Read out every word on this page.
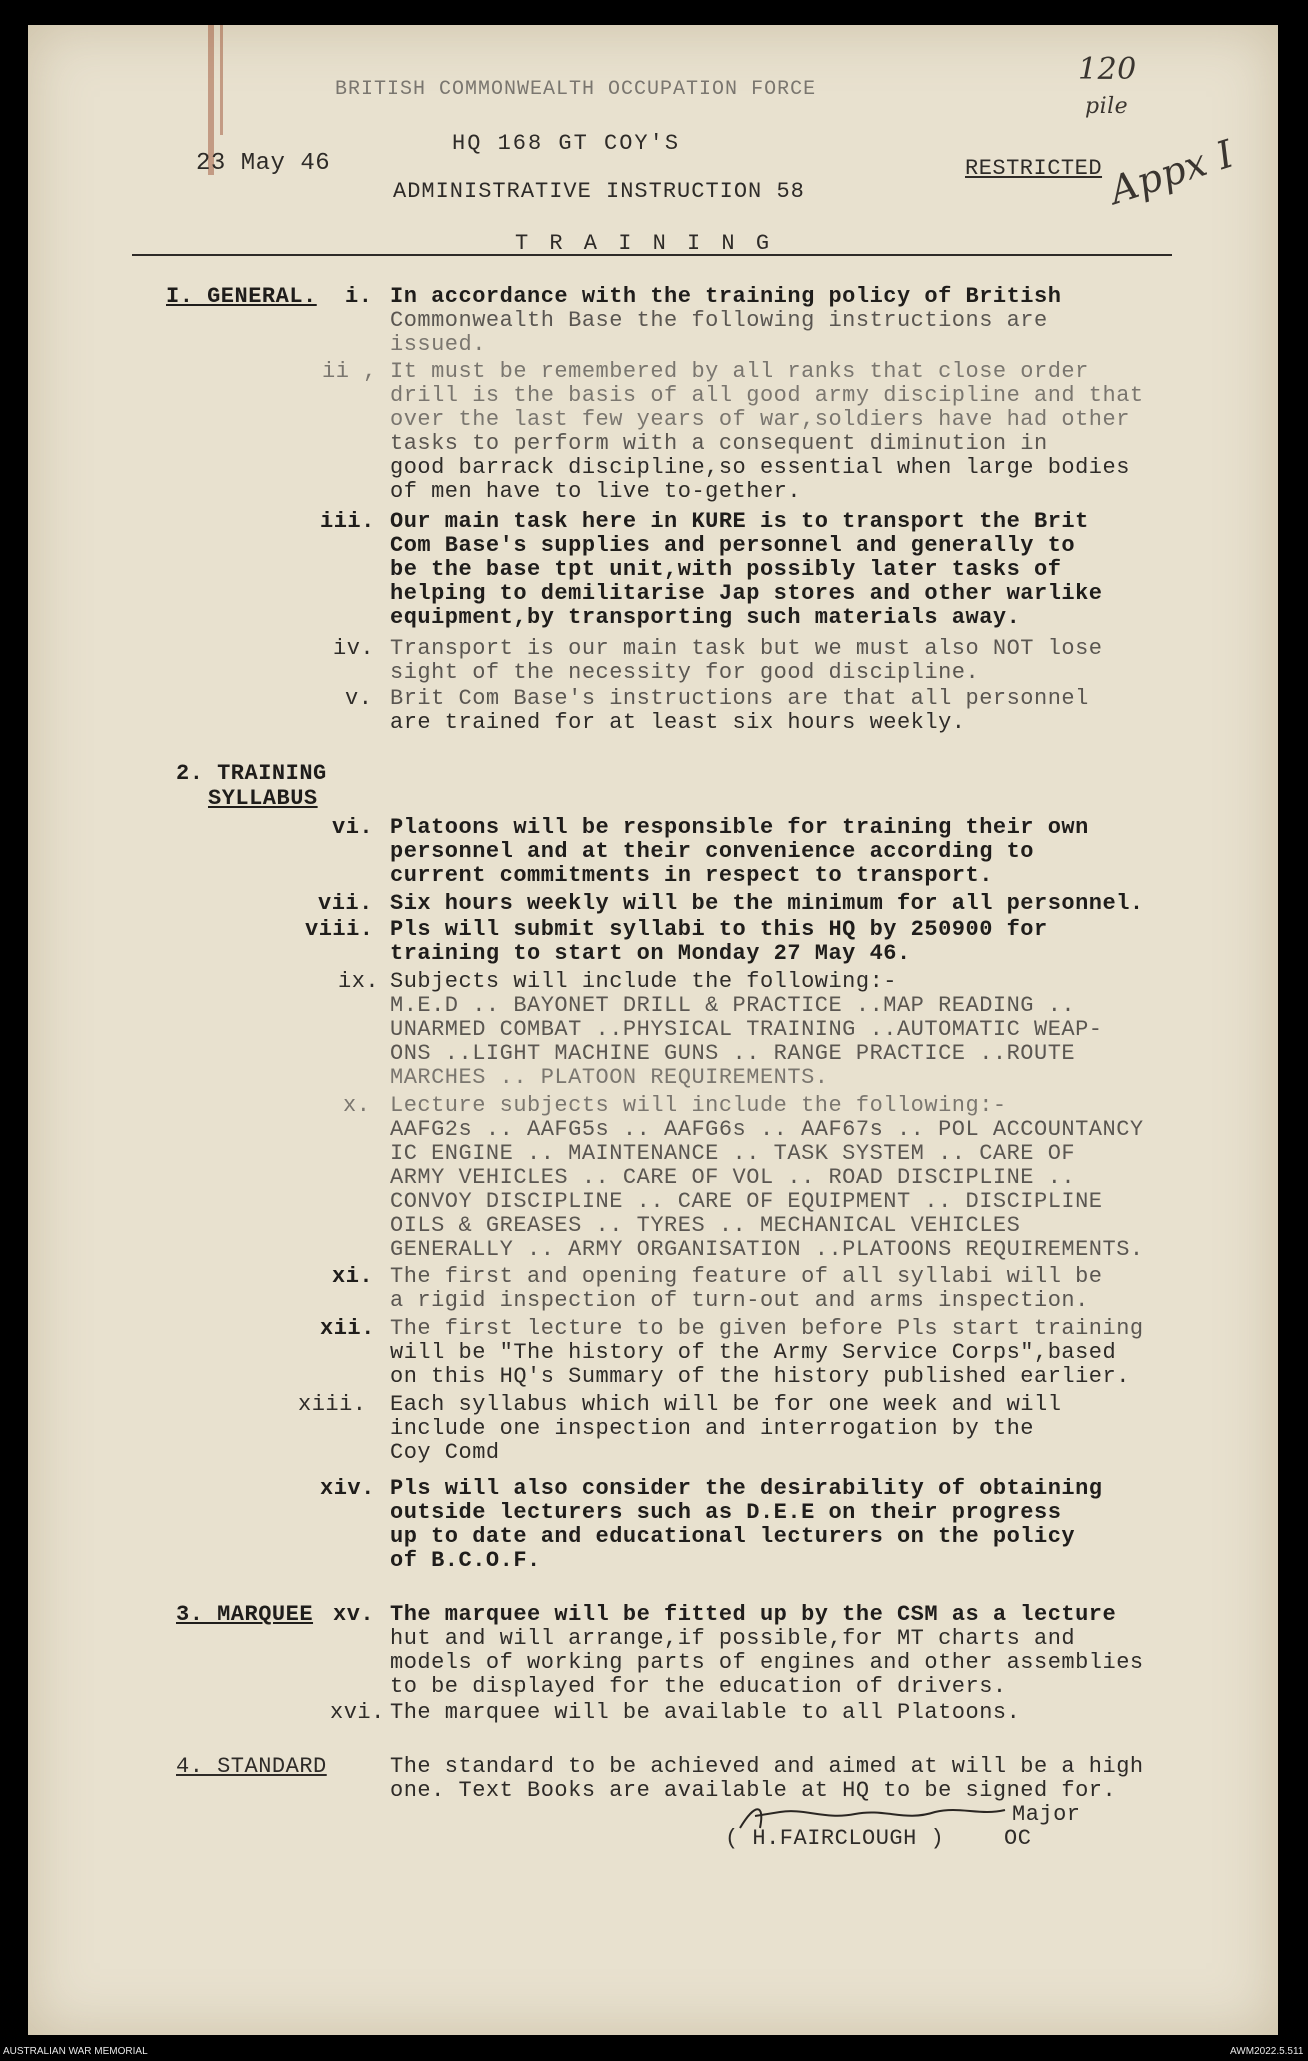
BRITISH COMMONWEALTH OCCUPATION FORCE
120
pile
HQ 168 GT COY'S
23 May 46	RESTRICTED Appx I
ADMINISTRATIVE INSTRUCTION 58
T R A I N I N G
I. GENERAL. i. In accordance with the training policy of British
Commonwealth Base the following instructions are
issued.
ii , It must be remembered by all ranks that close order
drill is the basis of all good army discipline and that
over the last few years of war,soldiers have had other
tasks to perform with a consequent diminution in
good barrack discipline,so essential when large bodies
of men have to live to-gether.
iii. Our main task here in KURE is to transport the Brit
Com Base's supplies and personnel and generally to
be the base tpt unit,with possibly later tasks of
helping to demilitarise Jap stores and other warlike
equipment,by transporting such materials away.
iv. Transport is our main task but we must also NOT lose
sight of the necessity for good discipline.
v. Brit Com Base's instructions are that all personnel
are trained for at least six hours weekly.
2. TRAINING
SYLLABUS
vi. Platoons will be responsible for training their own
personnel and at their convenience according to
current commitments in respect to transport.
vii. Six hours weekly will be the minimum for all personnel.
viii. Pls will submit syllabi to this HQ by 250900 for
training to start on Monday 27 May 46.
ix. Subjects will include the following:-
M.E.D .. BAYONET DRILL & PRACTICE ..MAP READING ..
UNARMED COMBAT ..PHYSICAL TRAINING ..AUTOMATIC WEAP-
ONS ..LIGHT MACHINE GUNS .. RANGE PRACTICE ..ROUTE
MARCHES .. PLATOON REQUIREMENTS.
x. Lecture subjects will include the following:-
AAFG2s .. AAFG5s .. AAFG6s .. AAF67s .. POL ACCOUNTANCY
IC ENGINE .. MAINTENANCE .. TASK SYSTEM .. CARE OF
ARMY VEHICLES .. CARE OF VOL .. ROAD DISCIPLINE ..
CONVOY DISCIPLINE .. CARE OF EQUIPMENT .. DISCIPLINE
OILS & GREASES .. TYRES .. MECHANICAL VEHICLES
GENERALLY .. ARMY ORGANISATION ..PLATOONS REQUIREMENTS.
xi. The first and opening feature of all syllabi will be
a rigid inspection of turn-out and arms inspection.
xii. The first lecture to be given before Pls start training
will be "The history of the Army Service Corps",based
on this HQ's Summary of the history published earlier.
xiii. Each syllabus which will be for one week and will
include one inspection and interrogation by the
Coy Comd
xiv. Pls will also consider the desirability of obtaining
outside lecturers such as D.E.E on their progress
up to date and educational lecturers on the policy
of B.C.O.F.
3. MARQUEE xv. The marquee will be fitted up by the CSM as a lecture
hut and will arrange,if possible,for MT charts and
models of working parts of engines and other assemblies
to be displayed for the education of drivers.
xvi. The marquee will be available to all Platoons.
4. STANDARD	The standard to be achieved and aimed at will be a high
one. Text Books are available at HQ to be signed for.
Major
( H.FAIRCLOUGH )	OC
AUSTRALIAN WAR MEMORIAL	AWM2022.5.511
